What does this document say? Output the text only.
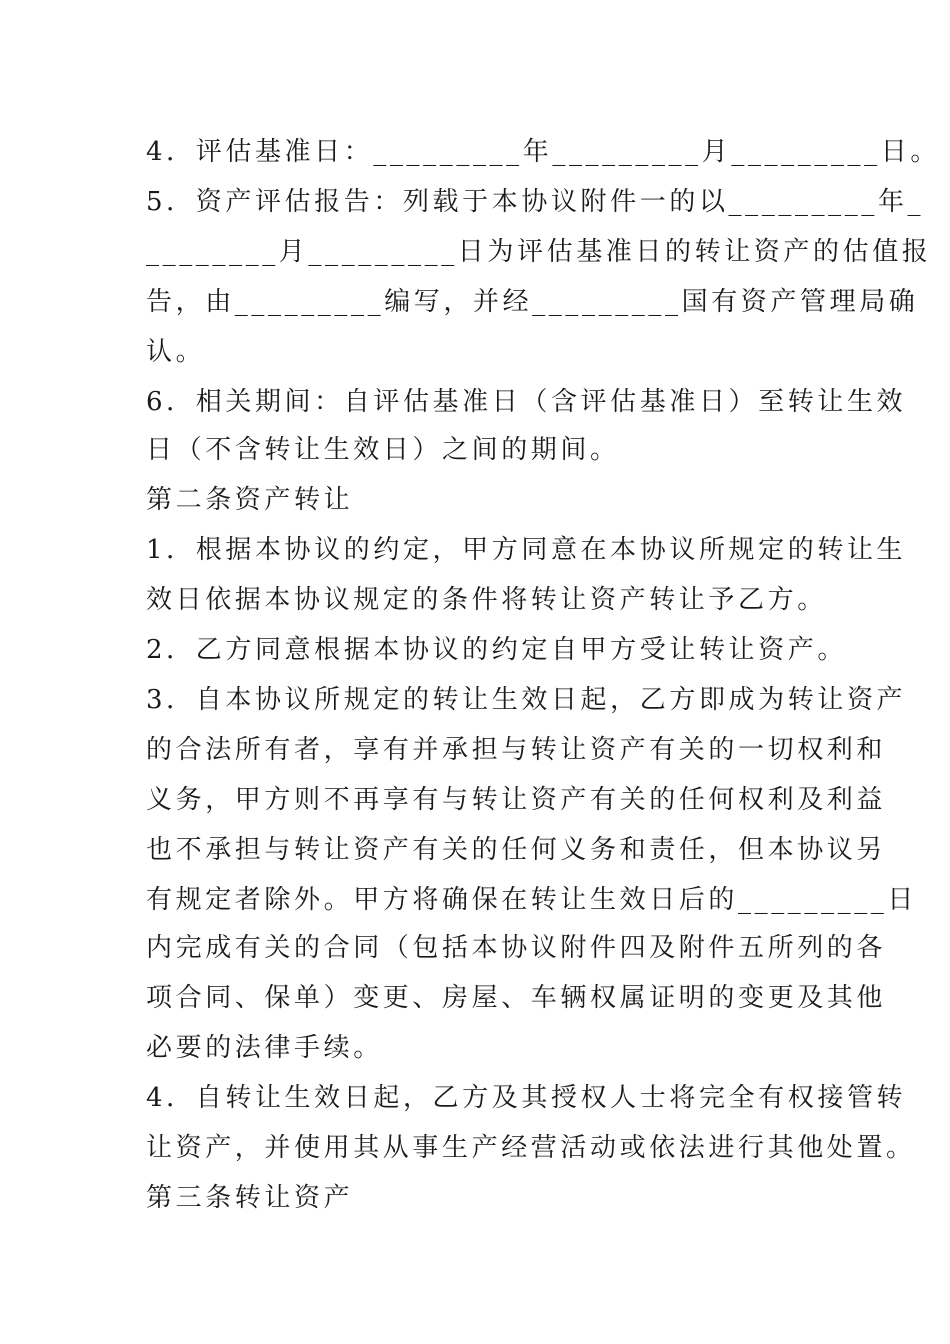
4．评估基准日：_________年_________月_________日。
5．资产评估报告：列载于本协议附件一的以_________年_
________月_________日为评估基准日的转让资产的估值报
告，由_________编写，并经_________国有资产管理局确
认。
6．相关期间：自评估基准日（含评估基准日）至转让生效
日（不含转让生效日）之间的期间。
第二条资产转让
1．根据本协议的约定，甲方同意在本协议所规定的转让生
效日依据本协议规定的条件将转让资产转让予乙方。
2．乙方同意根据本协议的约定自甲方受让转让资产。
3．自本协议所规定的转让生效日起，乙方即成为转让资产
的合法所有者，享有并承担与转让资产有关的一切权利和
义务，甲方则不再享有与转让资产有关的任何权利及利益
也不承担与转让资产有关的任何义务和责任，但本协议另
有规定者除外。甲方将确保在转让生效日后的_________日
内完成有关的合同（包括本协议附件四及附件五所列的各
项合同、保单）变更、房屋、车辆权属证明的变更及其他
必要的法律手续。
4．自转让生效日起，乙方及其授权人士将完全有权接管转
让资产，并使用其从事生产经营活动或依法进行其他处置。
第三条转让资产
